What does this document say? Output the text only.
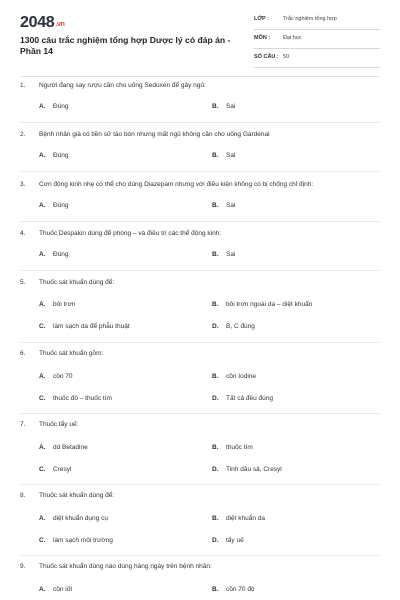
2048.vn
1300 câu trắc nghiệm tổng hợp Dược lý có đáp án - Phần 14
LỚP :	Trắc nghiệm tổng hợp
MÔN : Đại học
SỐ CÂU : 50
1. Người đang say rượu cần cho uống Seduxen để gây ngủ:
A. Đúng	B. Sai
2. Bệnh nhân già có tiền sử táo bón nhưng mất ngủ không cần cho uống Gardenal
A. Đúng	B. Sai
3. Cơn động kinh nhẹ có thể cho dùng Diazepam nhưng với điều kiện không có bị chống chỉ định:
A. Đúng	B. Sai
4. Thuốc Despakin dùng để phòng – và điều trị các thể động kinh:
A. Đúng	B. Sai
5. Thuốc sát khuẩn dùng để:
A. bôi trơn	B. bôi trơn ngoài da – diệt khuẩn
C. làm sạch da để phẫu thuật	D. B, C đúng
6. Thuốc sát khuẩn gồm:
A. cồn 70	B. cồn Iodine
C. thuốc đỏ – thuốc tím	D. Tất cả đều đúng
7. Thuốc tẩy uế:
A. dd Betadine	B. thuốc tím
C. Cresyl	D. Tinh dầu sả, Cresyl
8. Thuốc sát khuẩn dùng để:
A. diệt khuẩn dụng cụ	B. diệt khuẩn da
C. làm sạch môi trường	D. tẩy uế
9. Thuốc sát khuẩn dùng nào dùng hàng ngày trên bệnh nhân:
A. cồn iốt	B. cồn 70 độ
